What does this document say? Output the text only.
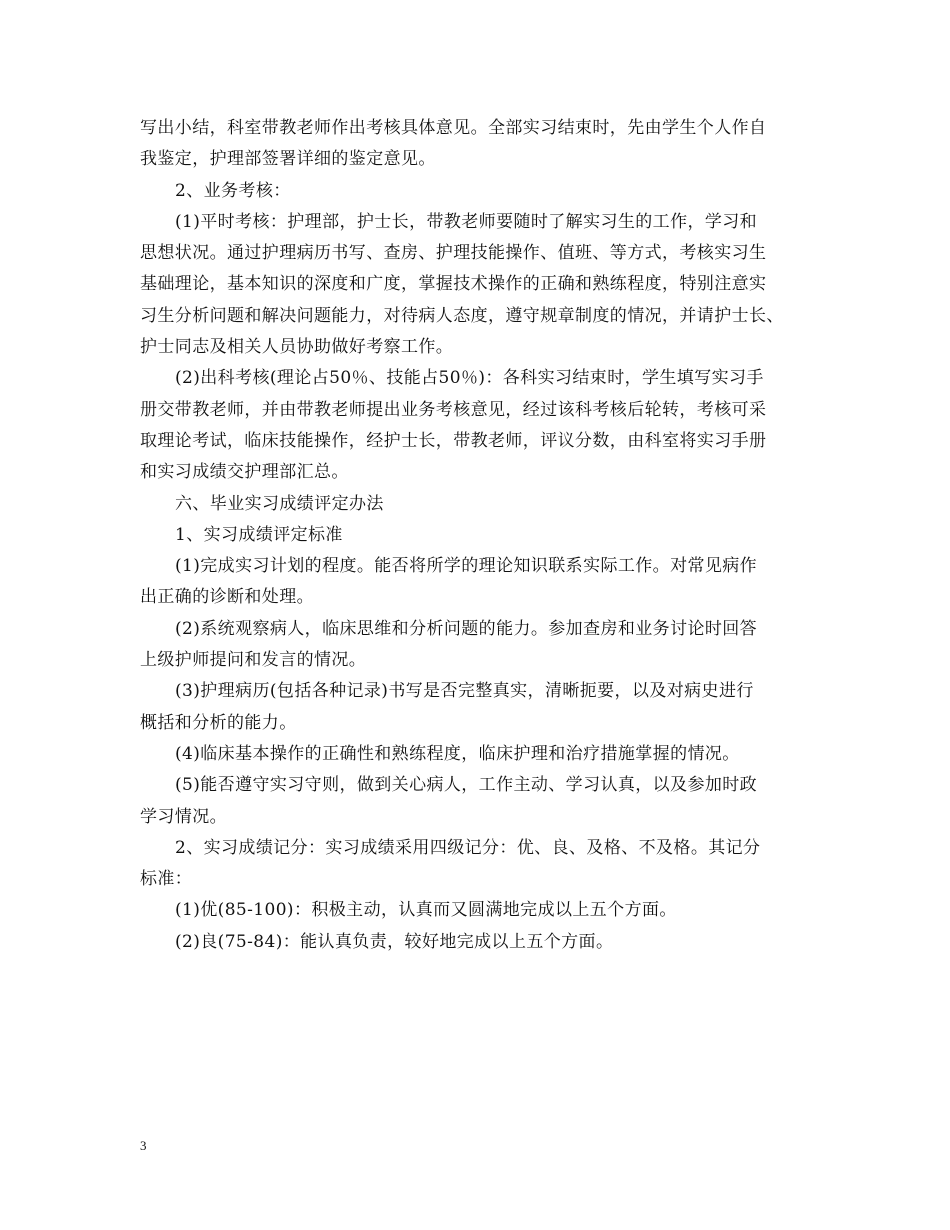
写出小结，科室带教老师作出考核具体意见。全部实习结束时，先由学生个人作自
我鉴定，护理部签署详细的鉴定意见。
2、业务考核：
(1)平时考核：护理部，护士长，带教老师要随时了解实习生的工作，学习和
思想状况。通过护理病历书写、查房、护理技能操作、值班、等方式，考核实习生
基础理论，基本知识的深度和广度，掌握技术操作的正确和熟练程度，特别注意实
习生分析问题和解决问题能力，对待病人态度，遵守规章制度的情况，并请护士长、
护士同志及相关人员协助做好考察工作。
(2)出科考核(理论占50％、技能占50％)：各科实习结束时，学生填写实习手
册交带教老师，并由带教老师提出业务考核意见，经过该科考核后轮转，考核可采
取理论考试，临床技能操作，经护士长，带教老师，评议分数，由科室将实习手册
和实习成绩交护理部汇总。
六、毕业实习成绩评定办法
1、实习成绩评定标准
(1)完成实习计划的程度。能否将所学的理论知识联系实际工作。对常见病作
出正确的诊断和处理。
(2)系统观察病人，临床思维和分析问题的能力。参加查房和业务讨论时回答
上级护师提问和发言的情况。
(3)护理病历(包括各种记录)书写是否完整真实，清晰扼要，以及对病史进行
概括和分析的能力。
(4)临床基本操作的正确性和熟练程度，临床护理和治疗措施掌握的情况。
(5)能否遵守实习守则，做到关心病人，工作主动、学习认真，以及参加时政
学习情况。
2、实习成绩记分：实习成绩采用四级记分：优、良、及格、不及格。其记分
标准：
(1)优(85-100)：积极主动，认真而又圆满地完成以上五个方面。
(2)良(75-84)：能认真负责，较好地完成以上五个方面。
3
